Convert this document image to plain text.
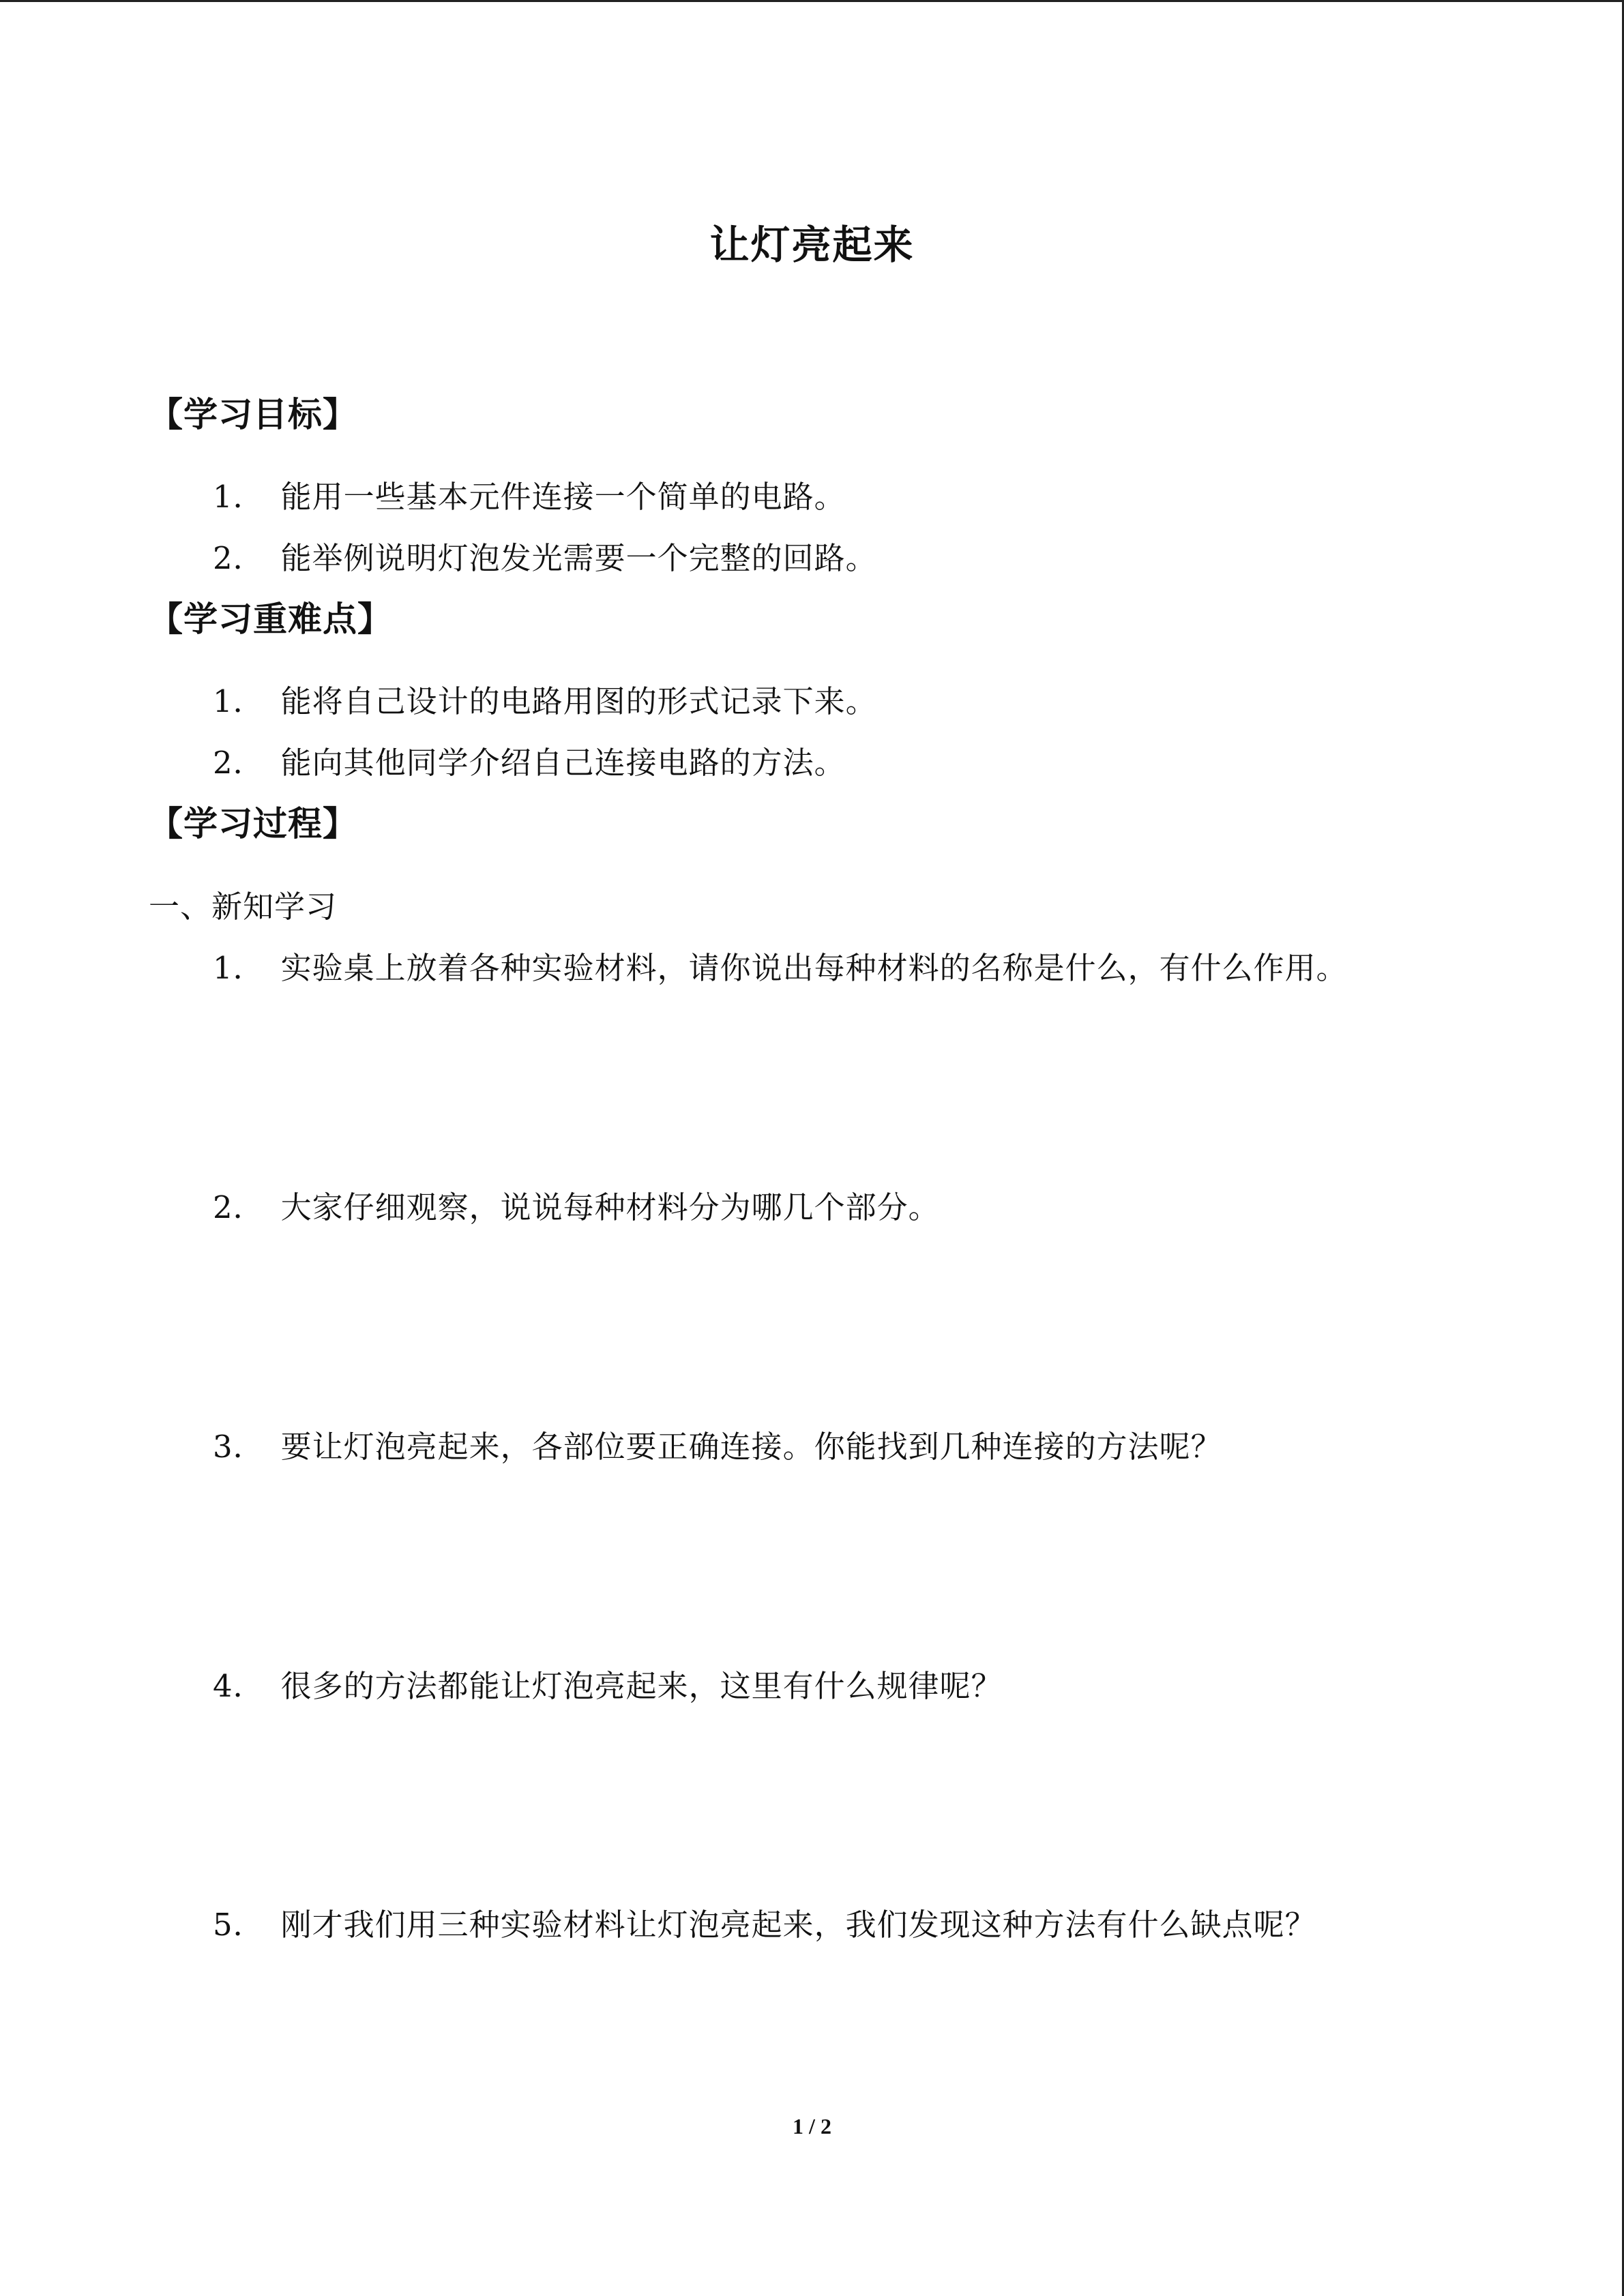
让灯亮起来
【学习目标】
1． 能用一些基本元件连接一个简单的电路。
2． 能举例说明灯泡发光需要一个完整的回路。
【学习重难点】
1． 能将自己设计的电路用图的形式记录下来。
2． 能向其他同学介绍自己连接电路的方法。
【学习过程】
一、新知学习
1． 实验桌上放着各种实验材料，请你说出每种材料的名称是什么，有什么作用。
2． 大家仔细观察，说说每种材料分为哪几个部分。
3． 要让灯泡亮起来，各部位要正确连接。你能找到几种连接的方法呢？
4． 很多的方法都能让灯泡亮起来，这里有什么规律呢？
5． 刚才我们用三种实验材料让灯泡亮起来，我们发现这种方法有什么缺点呢？
1 / 2
